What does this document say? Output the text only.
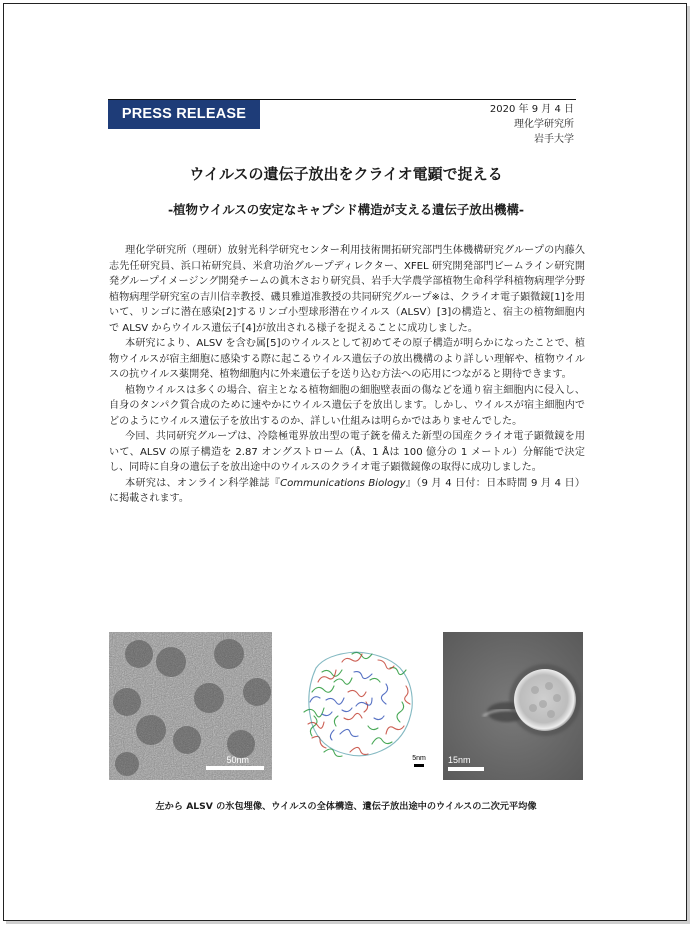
PRESS RELEASE	2020 年 9 月 4 日
理化学研究所
岩手大学
ウイルスの遺伝子放出をクライオ電顕で捉える
-植物ウイルスの安定なキャプシド構造が支える遺伝子放出機構-

理化学研究所（理研）放射光科学研究センター利用技術開拓研究部門生体機構研究グループの内藤久志先任研究員、浜口祐研究員、米倉功治グループディレクター、XFEL 研究開発部門ビームライン研究開発グループイメージング開発チームの眞木さおり研究員、岩手大学農学部植物生命科学科植物病理学分野植物病理学研究室の吉川信幸教授、磯貝雅道准教授の共同研究グループ※は、クライオ電子顕微鏡[1]を用いて、リンゴに潜在感染[2]するリンゴ小型球形潜在ウイルス（ALSV）[3]の構造と、宿主の植物細胞内で ALSV からウイルス遺伝子[4]が放出される様子を捉えることに成功しました。

本研究により、ALSV を含む属[5]のウイルスとして初めてその原子構造が明らかになったことで、植物ウイルスが宿主細胞に感染する際に起こるウイルス遺伝子の放出機構のより詳しい理解や、植物ウイルスの抗ウイルス薬開発、植物細胞内に外来遺伝子を送り込む方法への応用につながると期待できます。

植物ウイルスは多くの場合、宿主となる植物細胞の細胞壁表面の傷などを通り宿主細胞内に侵入し、自身のタンパク質合成のために速やかにウイルス遺伝子を放出します。しかし、ウイルスが宿主細胞内でどのようにウイルス遺伝子を放出するのか、詳しい仕組みは明らかではありませんでした。

今回、共同研究グループは、冷陰極電界放出型の電子銃を備えた新型の国産クライオ電子顕微鏡を用いて、ALSV の原子構造を 2.87 オングストローム（Å、1 Åは 100 億分の 1 メートル）分解能で決定し、同時に自身の遺伝子を放出途中のウイルスのクライオ電子顕微鏡像の取得に成功しました。

本研究は、オンライン科学雑誌『Communications Biology』（9 月 4 日付：日本時間 9 月 4 日）に掲載されます。

50nm	5nm 15nm
左から ALSV の氷包埋像、ウイルスの全体構造、遺伝子放出途中のウイルスの二次元平均像
